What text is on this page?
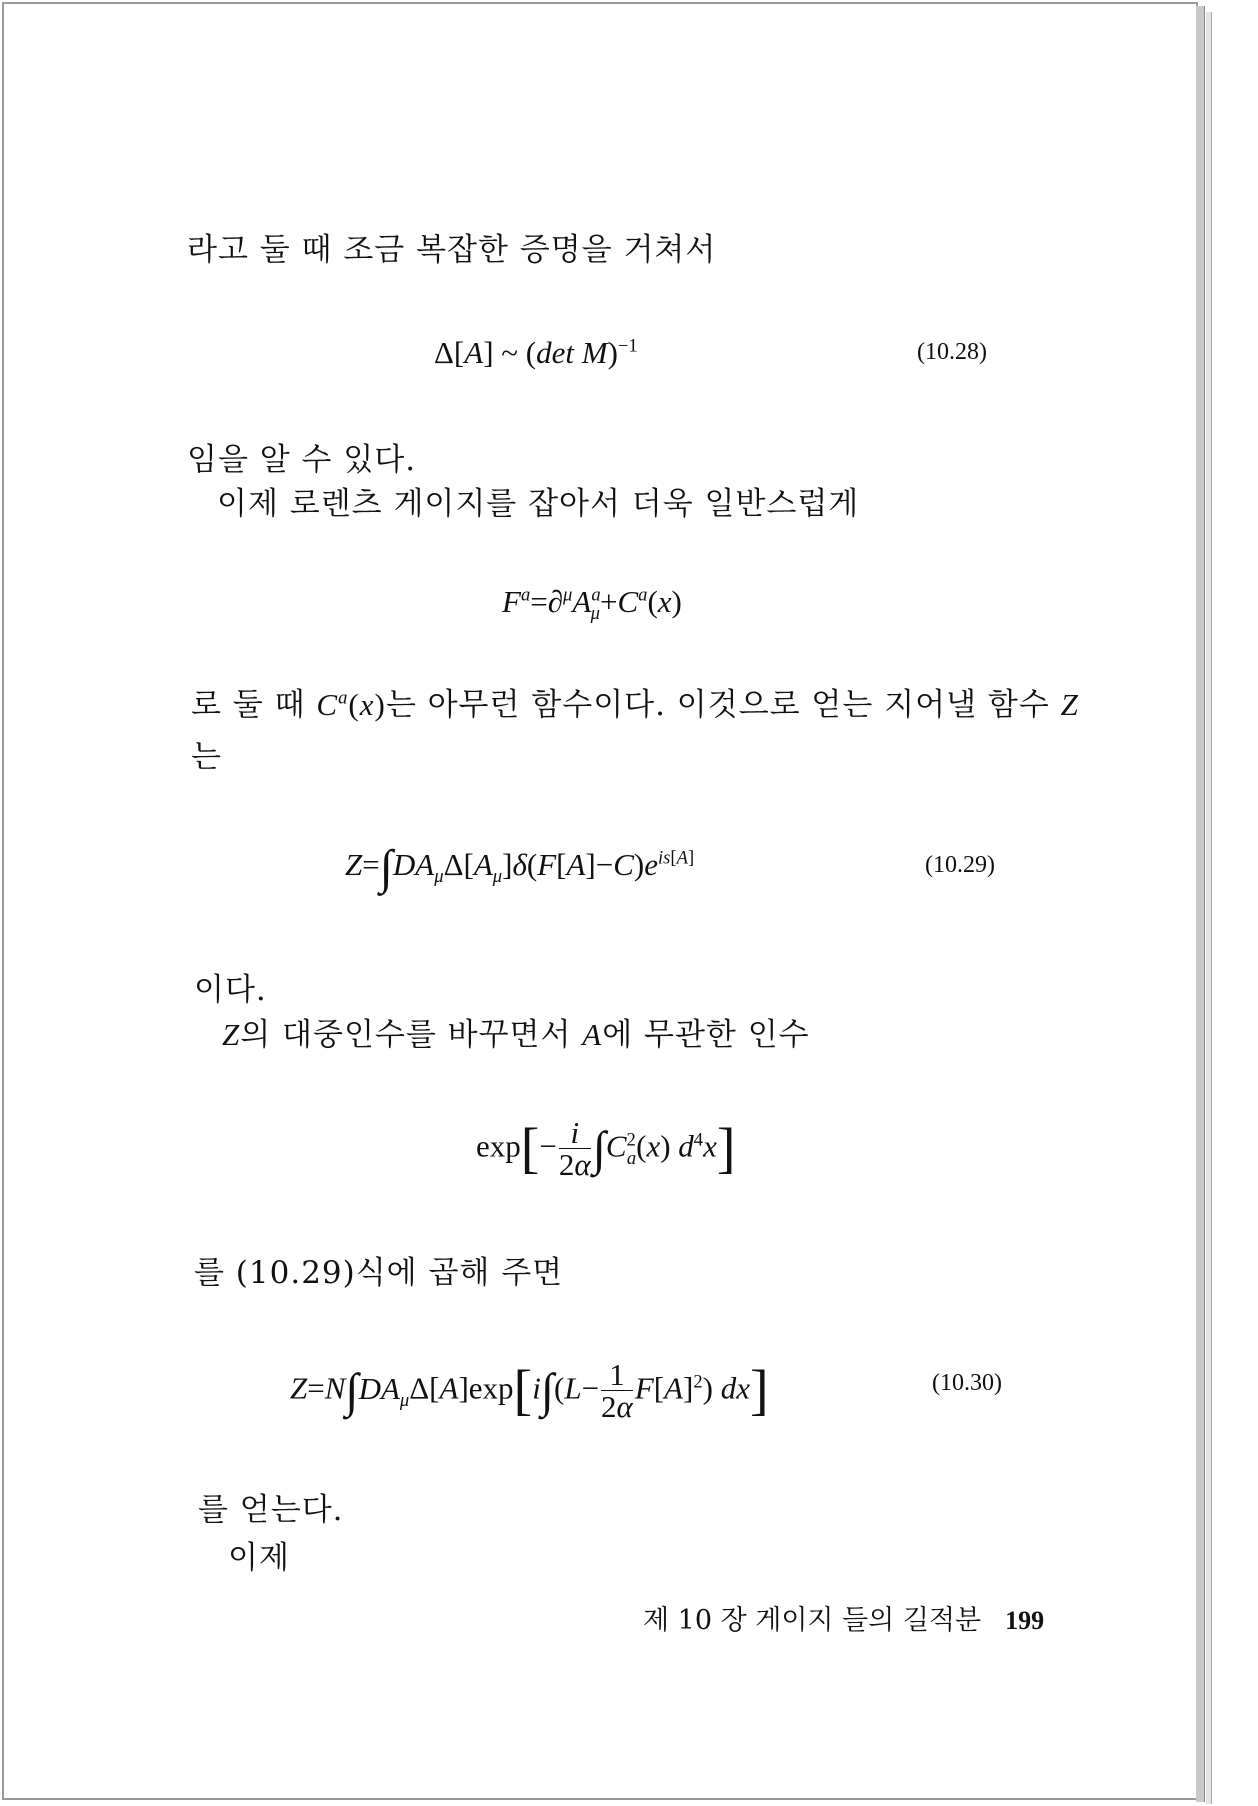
라고 둘 때 조금 복잡한 증명을 거쳐서
Δ[A] ~ (det M)$^{-1}$	(10.28)
임을 알 수 있다.
이제 로렌츠 게이지를 잡아서 더욱 일반스럽게
$F^a=\partial^\mu A^a_\mu+C^a(x)$
로 둘 때 $C^a(x)$는 아무런 함수이다. 이것으로 얻는 지어낼 함수 Z
는
$Z=\int DA_\mu\Delta[A_\mu]\delta(F[A]-C)e^{is[A]}$	(10.29)
이다.
Z의 대중인수를 바꾸면서 A에 무관한 인수
$\exp[- \frac{i}{2\alpha} \int C^2_a(x)$ $d^4x$]
를 (10.29)식에 곱해 주면
$Z=N\int DA_\mu\Delta[A]\exp[i\int(L- \frac{1}{2\alpha} F[A]^2)$ dx]	(10.30)
를 얻는다.
이제
제 10 장 게이지 들의 길적분 199
